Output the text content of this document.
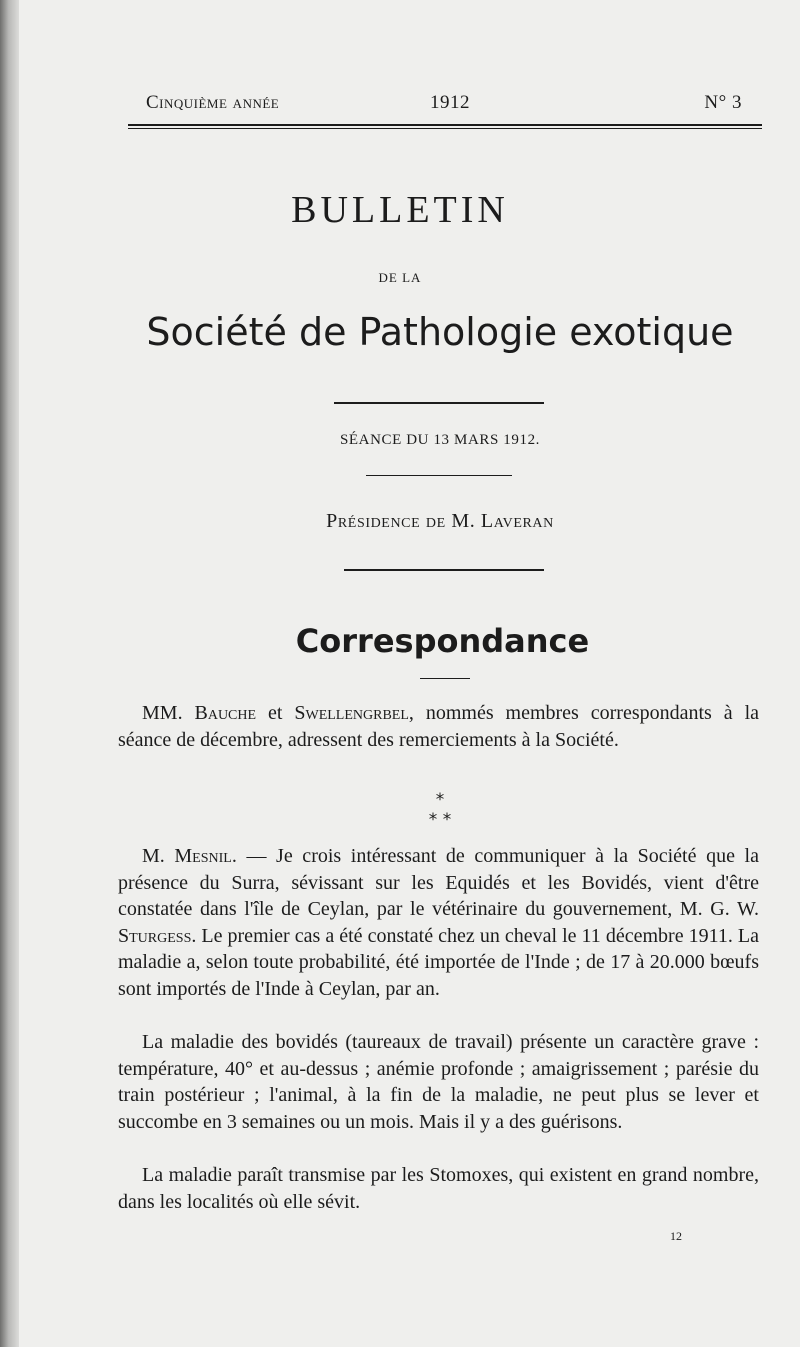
Cinquième année	1912	N° 3
BULLETIN
DE LA
Société de Pathologie exotique
SÉANCE DU 13 MARS 1912.
Présidence de M. Laveran
Correspondance

MM. Bauche et Swellengrbel, nommés membres correspondants à la séance de décembre, adressent des remerciements à la Société.

*
* *

M. Mesnil. — Je crois intéressant de communiquer à la Société que la présence du Surra, sévissant sur les Equidés et les Bovidés, vient d'être constatée dans l'île de Ceylan, par le vétérinaire du gouvernement, M. G. W. Sturgess. Le premier cas a été constaté chez un cheval le 11 décembre 1911. La maladie a, selon toute probabilité, été importée de l'Inde ; de 17 à 20.000 bœufs sont importés de l'Inde à Ceylan, par an.

La maladie des bovidés (taureaux de travail) présente un caractère grave : température, 40° et au-dessus ; anémie profonde ; amaigrissement ; parésie du train postérieur ; l'animal, à la fin de la maladie, ne peut plus se lever et succombe en 3 semaines ou un mois. Mais il y a des guérisons.

La maladie paraît transmise par les Stomoxes, qui existent en grand nombre, dans les localités où elle sévit.

12
